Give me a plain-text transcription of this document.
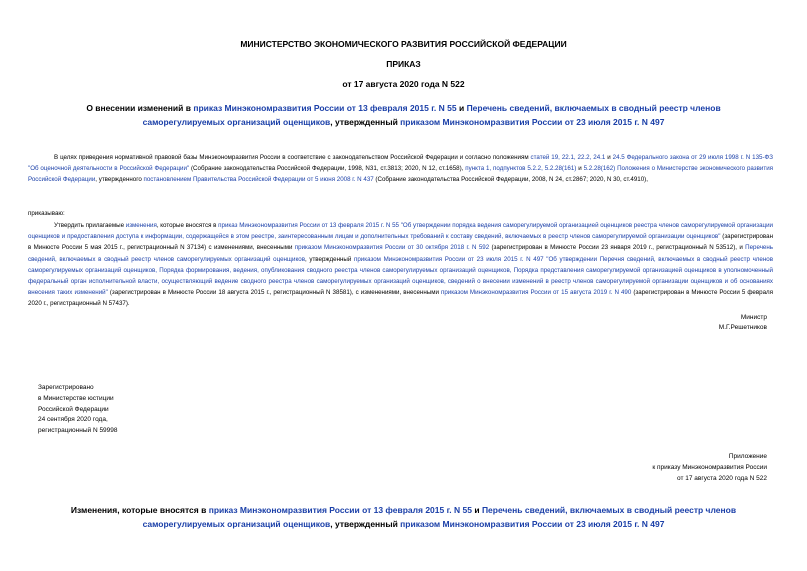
МИНИСТЕРСТВО ЭКОНОМИЧЕСКОГО РАЗВИТИЯ РОССИЙСКОЙ ФЕДЕРАЦИИ
ПРИКАЗ
от 17 августа 2020 года N 522
О внесении изменений в приказ Минэкономразвития России от 13 февраля 2015 г. N 55 и Перечень сведений, включаемых в сводный реестр членов саморегулируемых организаций оценщиков, утвержденный приказом Минэкономразвития России от 23 июля 2015 г. N 497
В целях приведения нормативной правовой базы Минэкономразвития России в соответствие с законодательством Российской Федерации и согласно положениям статей 19, 22.1, 22.2, 24.1 и 24.5 Федерального закона от 29 июля 1998 г. N 135-ФЗ "Об оценочной деятельности в Российской Федерации" (Собрание законодательства Российской Федерации, 1998, N31, ст.3813; 2020, N 12, ст.1658), пункта 1, подпунктов 5.2.2, 5.2.28(161) и 5.2.28(162) Положения о Министерстве экономического развития Российской Федерации, утвержденного постановлением Правительства Российской Федерации от 5 июня 2008 г. N 437 (Собрание законодательства Российской Федерации, 2008, N 24, ст.2867; 2020, N 30, ст.4910),
приказываю:
Утвердить прилагаемые изменения, которые вносятся в приказ Минэкономразвития России от 13 февраля 2015 г. N 55 "Об утверждении порядка ведения саморегулируемой организацией оценщиков реестра членов саморегулируемой организации оценщиков и предоставления доступа к информации, содержащейся в этом реестре, заинтересованным лицам и дополнительных требований к составу сведений, включаемых в реестр членов саморегулируемой организации оценщиков" (зарегистрирован в Минюсте России 5 мая 2015 г., регистрационный N 37134) с изменениями, внесенными приказом Минэкономразвития России от 30 октября 2018 г. N 592 (зарегистрирован в Минюсте России 23 января 2019 г., регистрационный N 53512), и Перечень сведений, включаемых в сводный реестр членов саморегулируемых организаций оценщиков, утвержденный приказом Минэкономразвития России от 23 июля 2015 г. N 497 "Об утверждении Перечня сведений, включаемых в сводный реестр членов саморегулируемых организаций оценщиков, Порядка формирования, ведения, опубликования сводного реестра членов саморегулируемых организаций оценщиков, Порядка представления саморегулируемой организацией оценщиков в уполномоченный федеральный орган исполнительной власти, осуществляющий ведение сводного реестра членов саморегулируемых организаций оценщиков, сведений о внесении изменений в реестр членов саморегулируемой организации оценщиков и об основаниях внесения таких изменений" (зарегистрирован в Минюсте России 18 августа 2015 г., регистрационный N 38581), с изменениями, внесенными приказом Минэкономразвития России от 15 августа 2019 г. N 490 (зарегистрирован в Минюсте России 5 февраля 2020 г., регистрационный N 57437).
Министр
М.Г.Решетников
Зарегистрировано
в Министерстве юстиции
Российской Федерации
24 сентября 2020 года,
регистрационный N 59998
Приложение
к приказу Минэкономразвития России
от 17 августа 2020 года N 522
Изменения, которые вносятся в приказ Минэкономразвития России от 13 февраля 2015 г. N 55 и Перечень сведений, включаемых в сводный реестр членов саморегулируемых организаций оценщиков, утвержденный приказом Минэкономразвития России от 23 июля 2015 г. N 497
